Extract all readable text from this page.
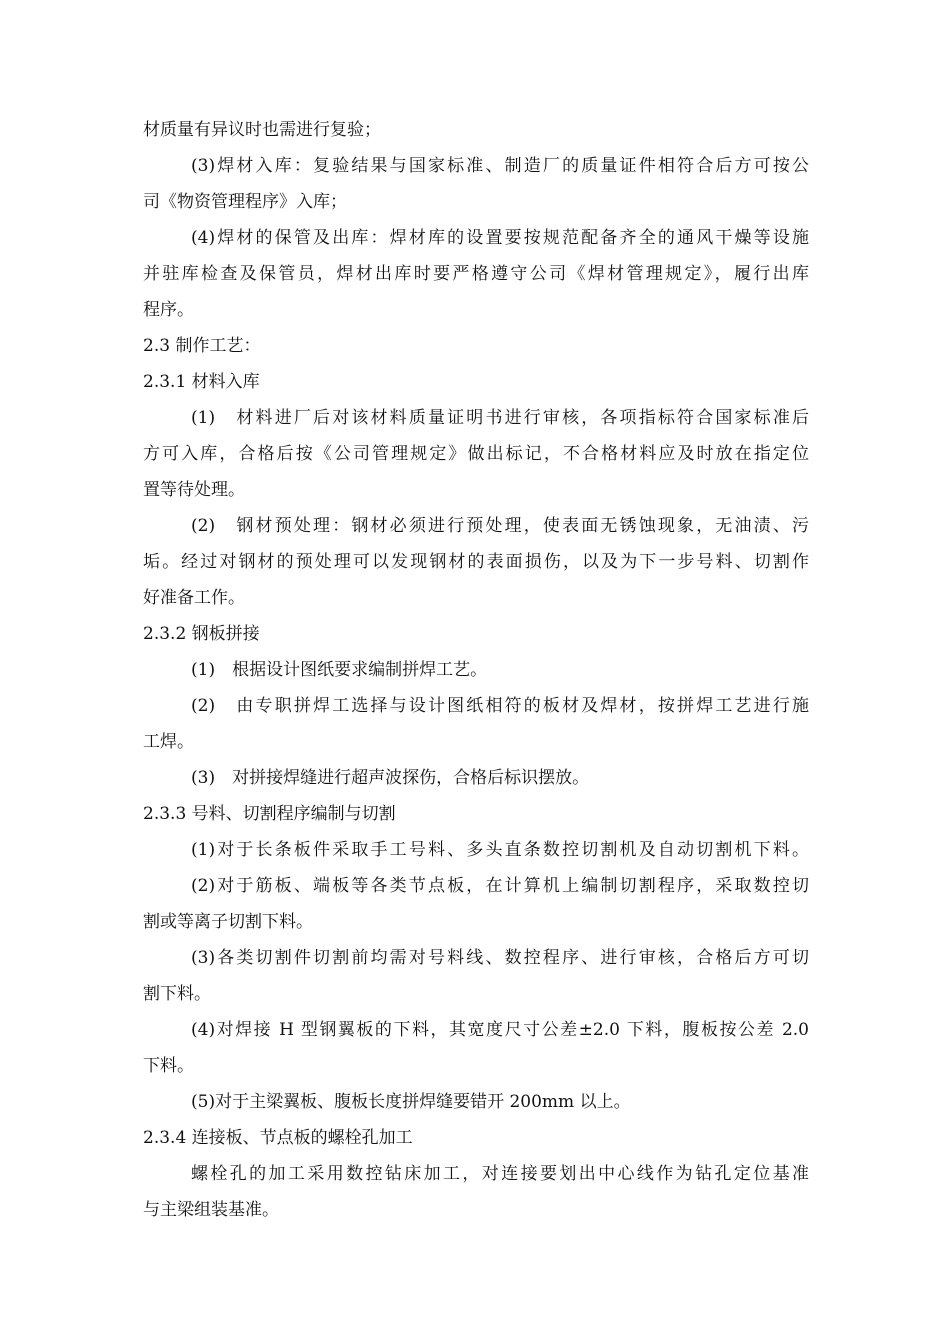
材质量有异议时也需进行复验；
(3)焊材入库：复验结果与国家标准、制造厂的质量证件相符合后方可按公
司《物资管理程序》入库；
(4)焊材的保管及出库：焊材库的设置要按规范配备齐全的通风干燥等设施
并驻库检查及保管员，焊材出库时要严格遵守公司《焊材管理规定》，履行出库
程序。
2.3 制作工艺：
2.3.1 材料入库
(1)　材料进厂后对该材料质量证明书进行审核，各项指标符合国家标准后
方可入库，合格后按《公司管理规定》做出标记，不合格材料应及时放在指定位
置等待处理。
(2)　钢材预处理：钢材必须进行预处理，使表面无锈蚀现象，无油渍、污
垢。经过对钢材的预处理可以发现钢材的表面损伤，以及为下一步号料、切割作
好准备工作。
2.3.2 钢板拼接
(1)　根据设计图纸要求编制拼焊工艺。
(2)　由专职拼焊工选择与设计图纸相符的板材及焊材，按拼焊工艺进行施
工焊。
(3)　对拼接焊缝进行超声波探伤，合格后标识摆放。
2.3.3 号料、切割程序编制与切割
(1)对于长条板件采取手工号料、多头直条数控切割机及自动切割机下料。
(2)对于筋板、端板等各类节点板，在计算机上编制切割程序，采取数控切
割或等离子切割下料。
(3)各类切割件切割前均需对号料线、数控程序、进行审核，合格后方可切
割下料。
(4)对焊接 H 型钢翼板的下料，其宽度尺寸公差±2.0 下料，腹板按公差 2.0
下料。
(5)对于主梁翼板、腹板长度拼焊缝要错开 200mm 以上。
2.3.4 连接板、节点板的螺栓孔加工
螺栓孔的加工采用数控钻床加工，对连接要划出中心线作为钻孔定位基准
与主梁组装基准。
